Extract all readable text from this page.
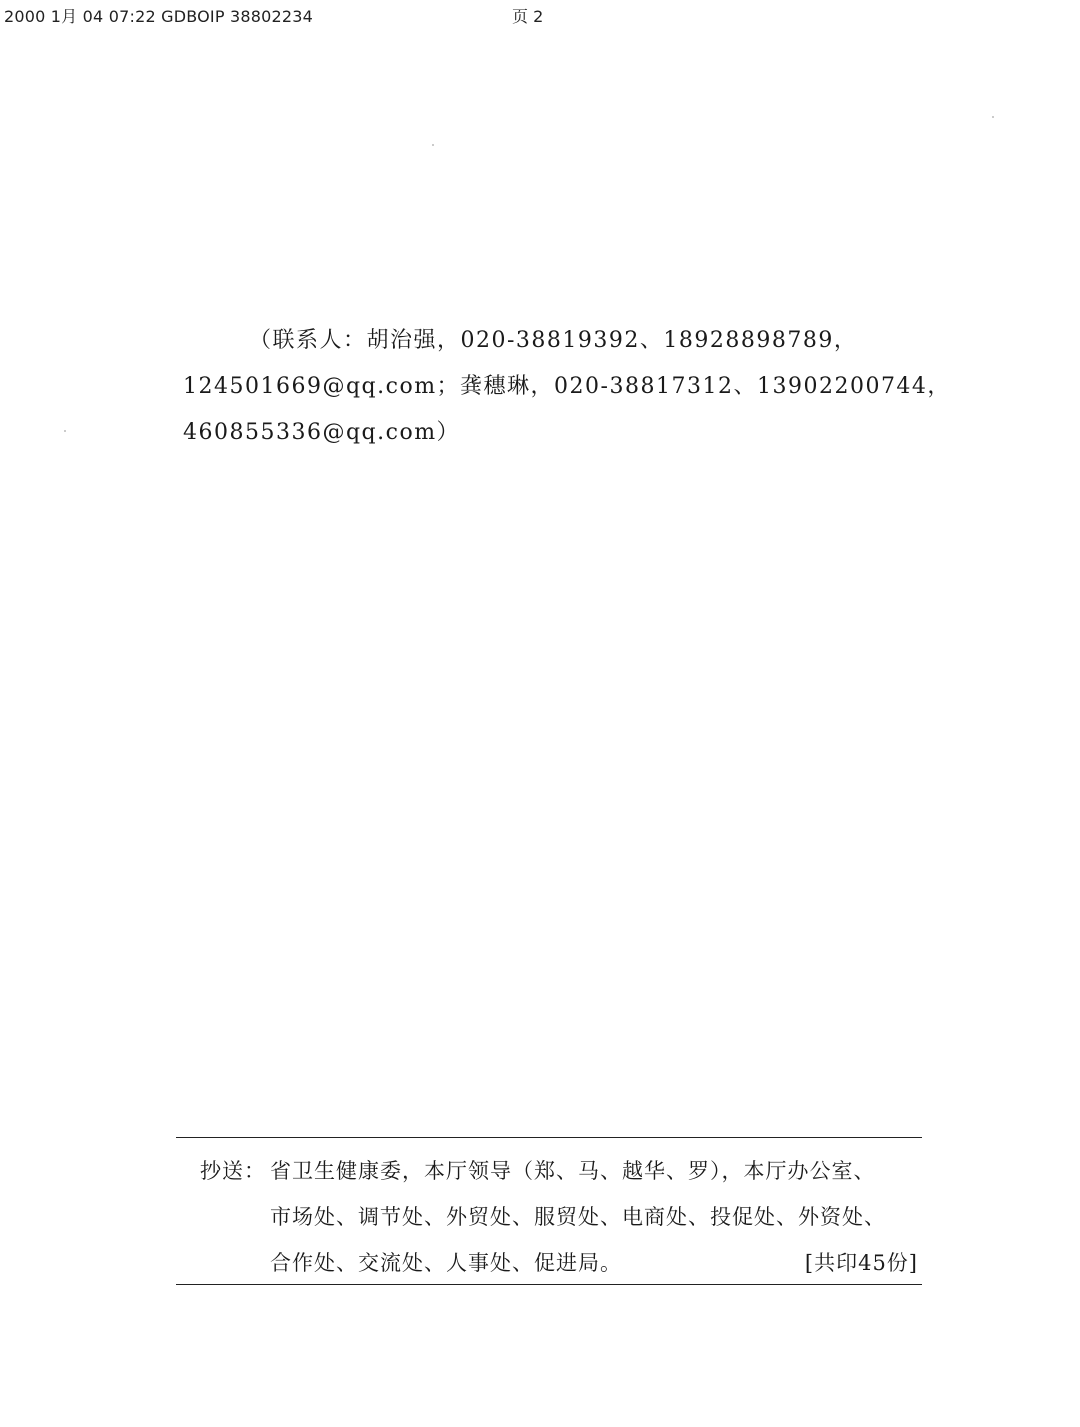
2000 1月 04 07:22 GDBOIP 38802234	页 2
（联系人：胡治强，020-38819392、18928898789，
124501669@qq.com；龚穗琳，020-38817312、13902200744，
460855336@qq.com）
抄送： 省卫生健康委，本厅领导（郑、马、越华、罗），本厅办公室、
市场处、调节处、外贸处、服贸处、电商处、投促处、外资处、
合作处、交流处、人事处、促进局。	[共印45份]
